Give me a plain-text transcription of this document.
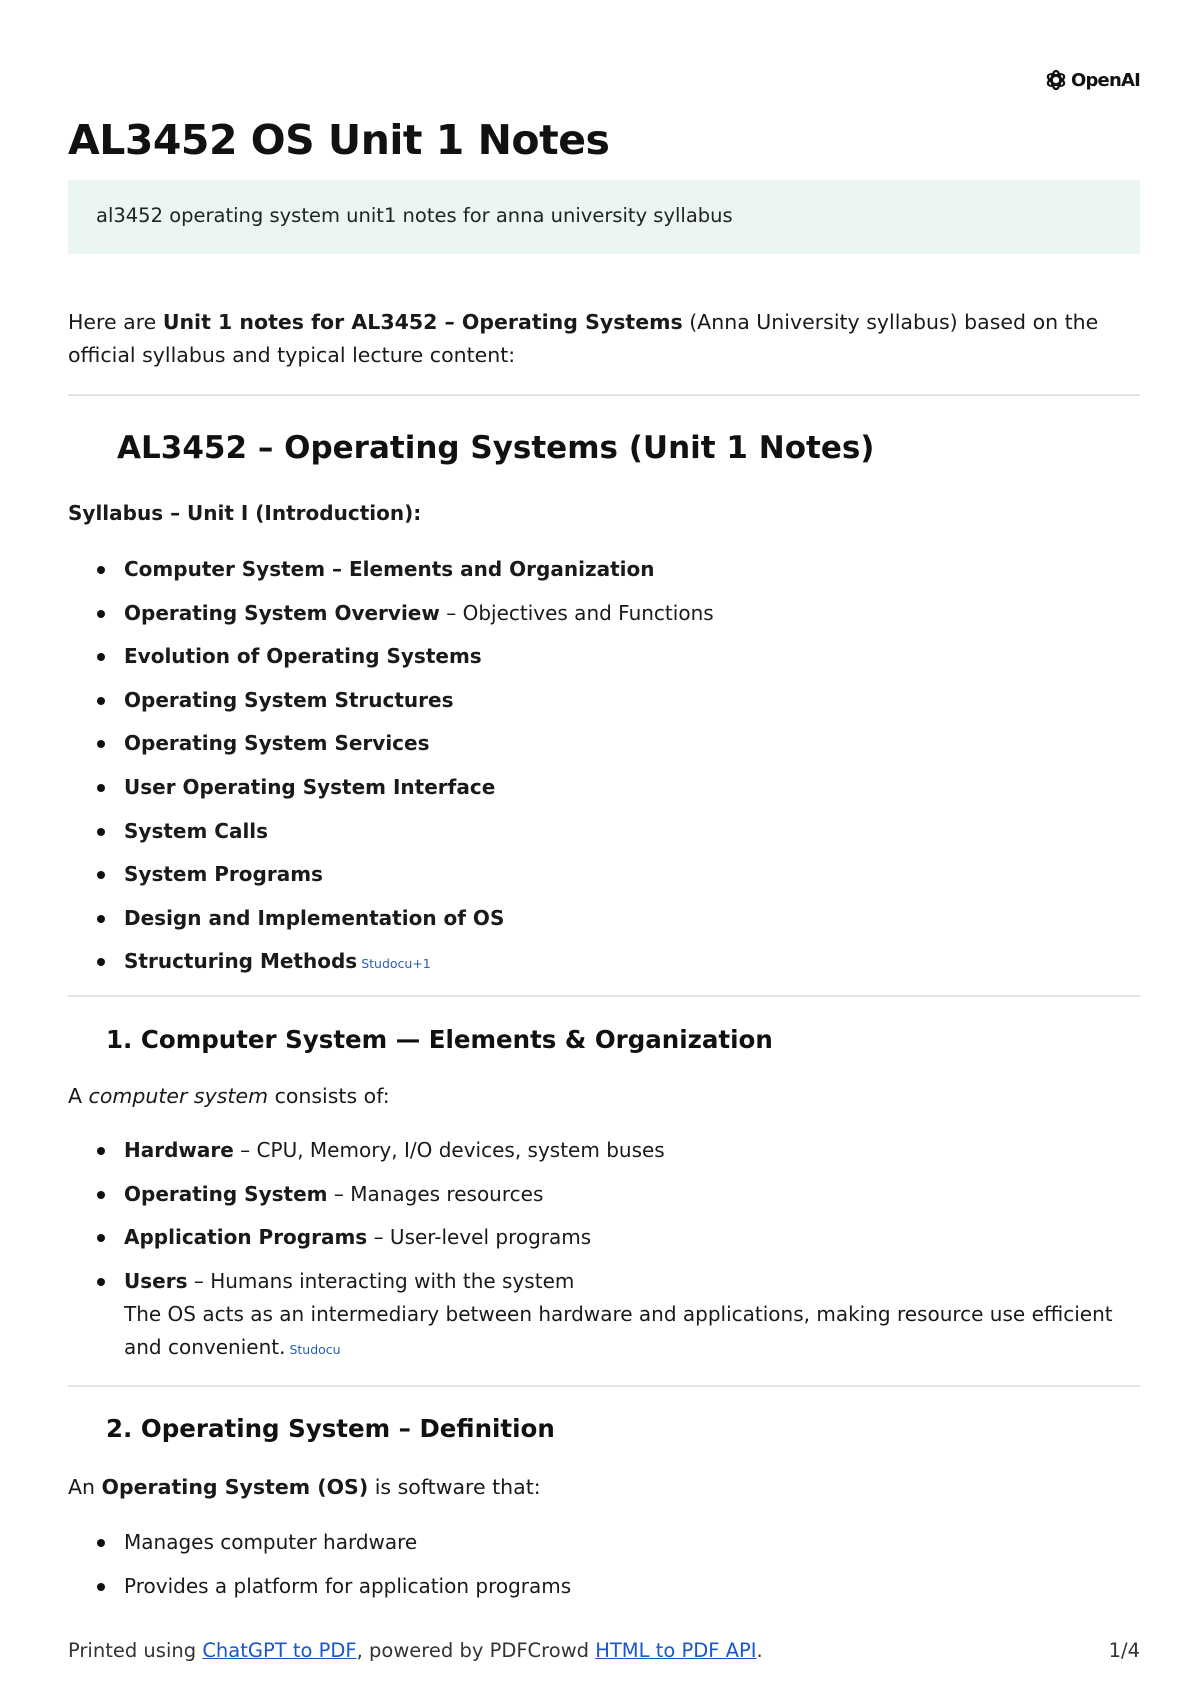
OpenAI
AL3452 OS Unit 1 Notes
al3452 operating system unit1 notes for anna university syllabus

Here are Unit 1 notes for AL3452 – Operating Systems (Anna University syllabus) based on the official syllabus and typical lecture content:

AL3452 – Operating Systems (Unit 1 Notes)

Syllabus – Unit I (Introduction):

Computer System – Elements and Organization
Operating System Overview – Objectives and Functions
Evolution of Operating Systems
Operating System Structures
Operating System Services
User Operating System Interface
System Calls
System Programs
Design and Implementation of OS
Structuring Methods Studocu+1
1. Computer System — Elements & Organization

A computer system consists of:

Hardware – CPU, Memory, I/O devices, system buses
Operating System – Manages resources
Application Programs – User-level programs
Users – Humans interacting with the system
The OS acts as an intermediary between hardware and applications, making resource use efficient and convenient. Studocu
2. Operating System – Definition

An Operating System (OS) is software that:

Manages computer hardware
Provides a platform for application programs
Printed using ChatGPT to PDF, powered by PDFCrowd HTML to PDF API.	1/4
